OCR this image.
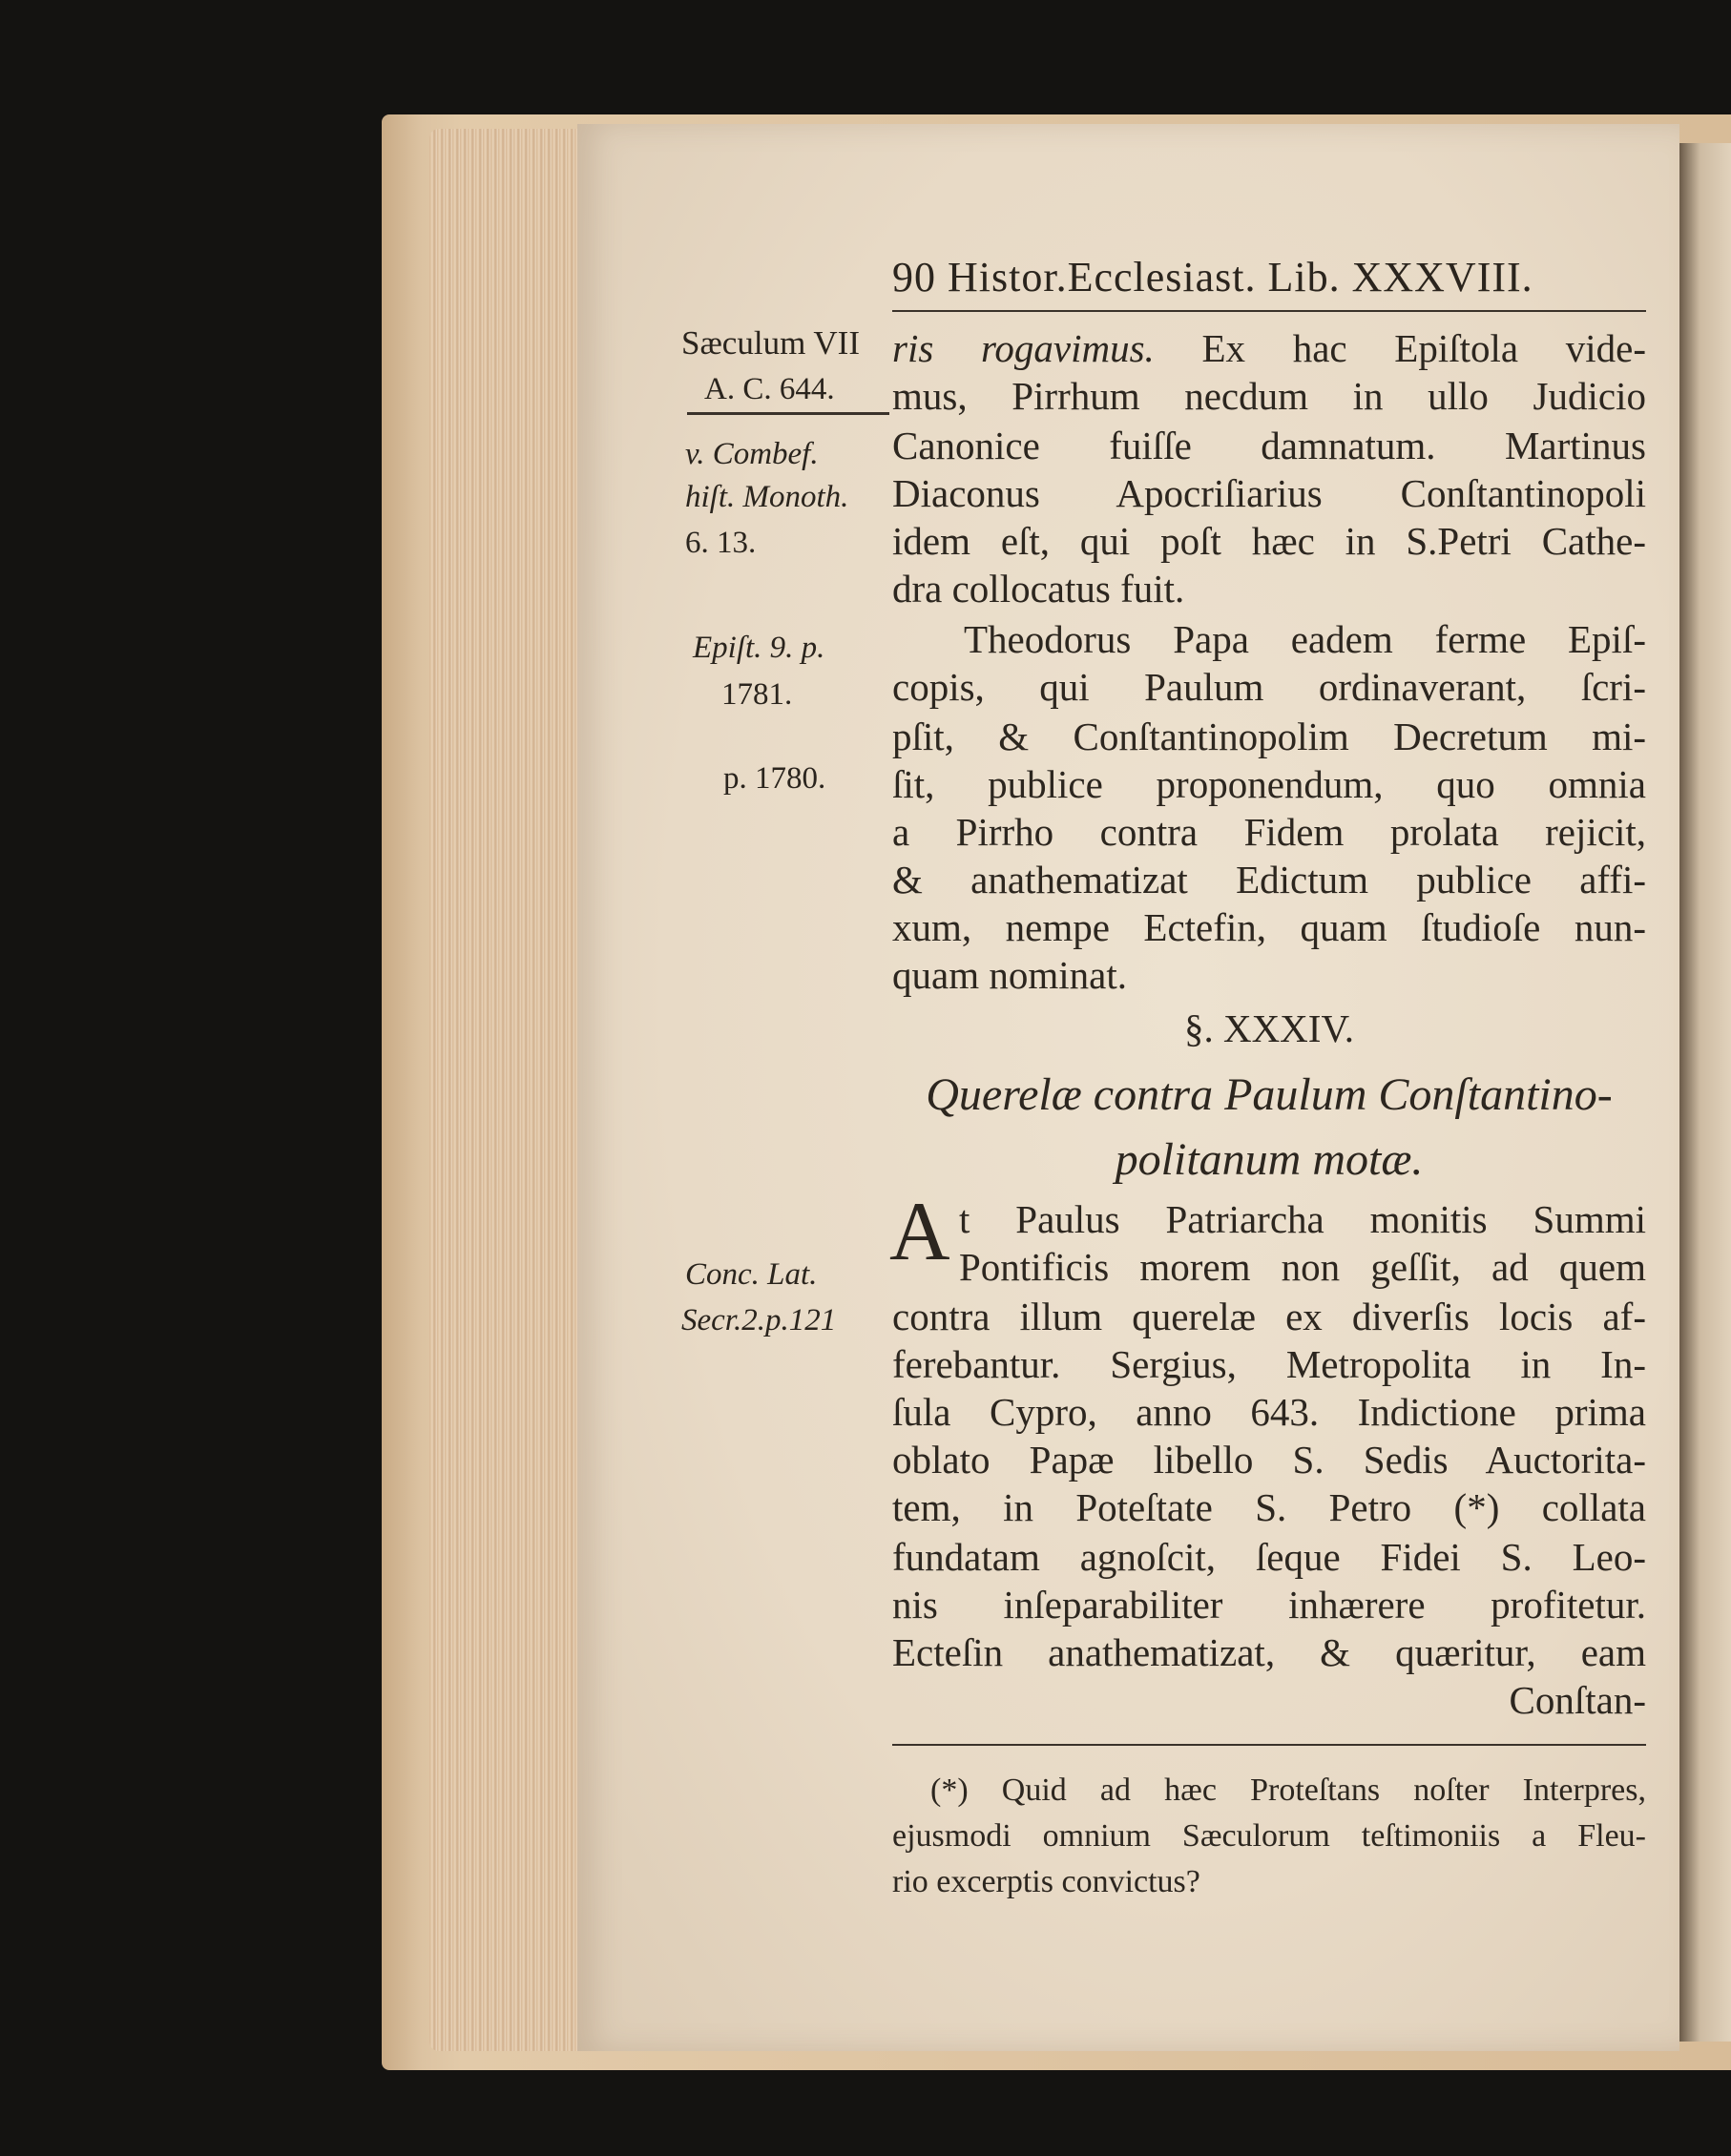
90 Histor.Ecclesiast. Lib. XXXVIII.
Sæculum VII
A. C. 644.
v. Combef.
hiſt. Monoth.
6. 13.
Epiſt. 9. p.
1781.
p. 1780.
Conc. Lat.
Secr.2.p.121
ris rogavimus. Ex hac Epiſtola vide-
mus, Pirrhum necdum in ullo Judicio
Canonice fuiſſe damnatum. Martinus
Diaconus Apocriſiarius Conſtantinopoli
idem eſt, qui poſt hæc in S.Petri Cathe-
dra collocatus fuit.
Theodorus Papa eadem ferme Epiſ-
copis, qui Paulum ordinaverant, ſcri-
pſit, & Conſtantinopolim Decretum mi-
ſit, publice proponendum, quo omnia
a Pirrho contra Fidem prolata rejicit,
& anathematizat Edictum publice affi-
xum, nempe Ectefin, quam ſtudioſe nun-
quam nominat.
§. XXXIV.
Querelæ contra Paulum Conſtantino-
politanum motæ.
A t Paulus Patriarcha monitis Summi
Pontificis morem non geſſit, ad quem
contra illum querelæ ex diverſis locis af-
ferebantur. Sergius, Metropolita in In-
ſula Cypro, anno 643. Indictione prima
oblato Papæ libello S. Sedis Auctorita-
tem, in Poteſtate S. Petro (*) collata
fundatam agnoſcit, ſeque Fidei S. Leo-
nis inſeparabiliter inhærere profitetur.
Ecteſin anathematizat, & quæritur, eam
Conſtan-
(*) Quid ad hæc Proteſtans noſter Interpres,
ejusmodi omnium Sæculorum teſtimoniis a Fleu-
rio excerptis convictus?
